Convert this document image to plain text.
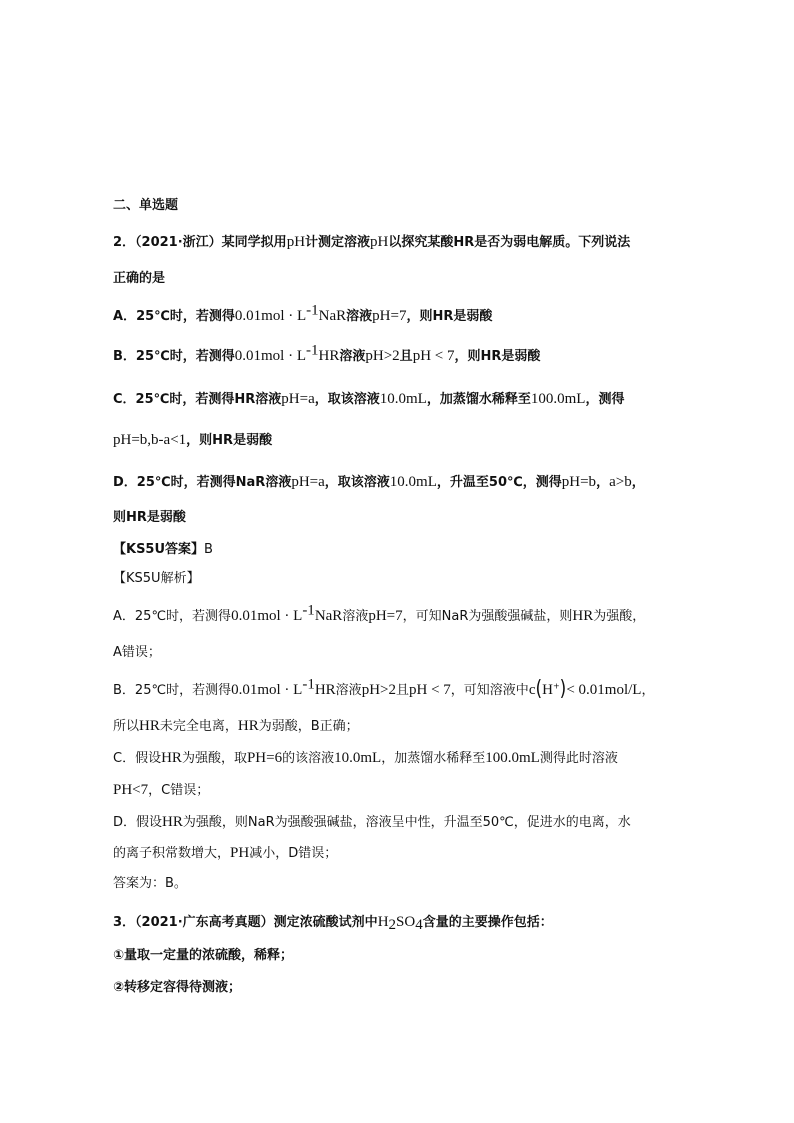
二、单选题
2．（2021·浙江）某同学拟用pH计测定溶液pH以探究某酸HR是否为弱电解质。下列说法
正确的是
A．25℃时，若测得$0.01mol \cdot L^{-1}NaR$溶液pH=7，则HR是弱酸
B．25℃时，若测得$0.01mol \cdot L^{-1}HR$溶液pH>2且pH < 7，则HR是弱酸
C．25℃时，若测得HR溶液pH=a，取该溶液10.0mL，加蒸馏水稀释至100.0mL，测得
pH=b,b-a<1，则HR是弱酸
D．25℃时，若测得NaR溶液pH=a，取该溶液10.0mL，升温至50℃，测得pH=b，a>b，
则HR是弱酸
【KS5U答案】B
【KS5U解析】
A．25℃时，若测得$0.01mol \cdot L^{-1}NaR$溶液pH=7，可知NaR为强酸强碱盐，则HR为强酸，
A错误；
B．25℃时，若测得$0.01mol \cdot L^{-1}HR$溶液pH>2且pH < 7，可知溶液中c(H+)< 0.01mol/L，
所以HR未完全电离，HR为弱酸，B正确；
C．假设HR为强酸，取PH=6的该溶液10.0mL，加蒸馏水稀释至100.0mL测得此时溶液
PH<7，C错误；
D．假设HR为强酸，则NaR为强酸强碱盐，溶液呈中性，升温至50℃，促进水的电离，水
的离子积常数增大，PH减小，D错误；
答案为：B。
3．（2021·广东高考真题）测定浓硫酸试剂中$H_2SO_4$含量的主要操作包括：
①量取一定量的浓硫酸，稀释；
②转移定容得待测液；
